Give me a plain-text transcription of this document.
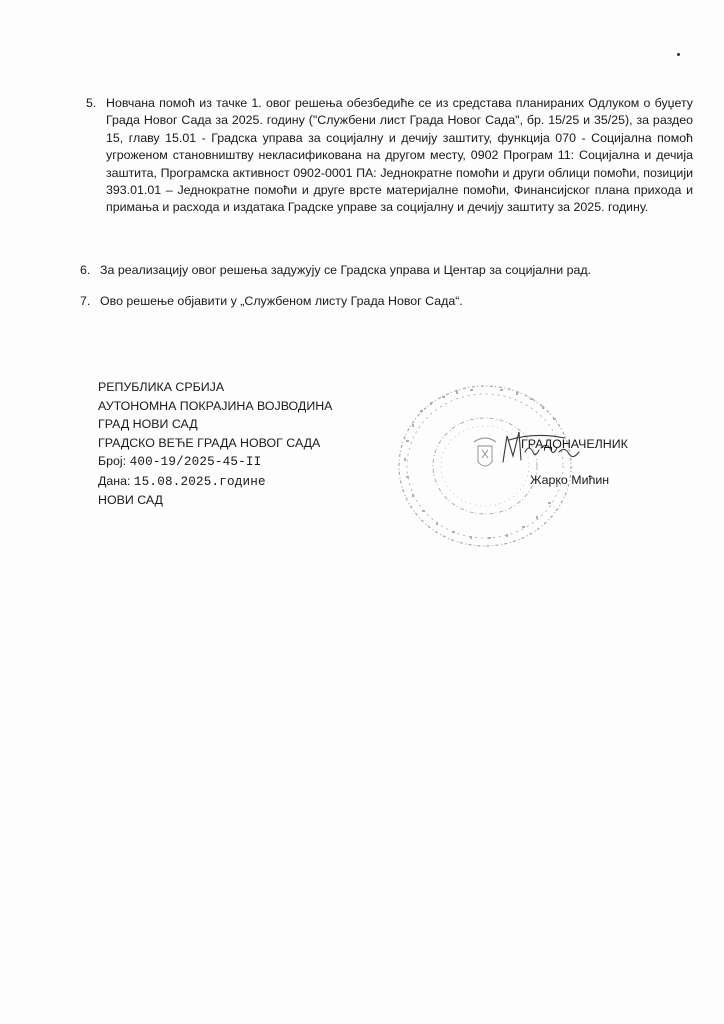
5. Новчана помоћ из тачке 1. овог решења обезбедиће се из средстава планираних Одлуком о буџету Града Новог Сада за 2025. годину ("Службени лист Града Новог Сада", бр. 15/25 и 35/25), за раздео 15, главу 15.01 - Градска управа за социјалну и дечију заштиту, функција 070 - Социјална помоћ угроженом становништву некласификована на другом месту, 0902 Програм 11: Социјална и дечија заштита, Програмска активност 0902-0001 ПА: Једнократне помоћи и други облици помоћи, позицији 393.01.01 – Једнократне помоћи и друге врсте материјалне помоћи, Финансијског плана прихода и примања и расхода и издатака Градске управе за социјалну и дечију заштиту за 2025. годину.
6. За реализацију овог решења задужују се Градска управа и Центар за социјални рад.
7. Ово решење објавити у „Службеном листу Града Новог Сада“.
РЕПУБЛИКА СРБИЈА
АУТОНОМНА ПОКРАЈИНА ВОЈВОДИНА
ГРАД НОВИ САД
ГРАДСКО ВЕЋЕ ГРАДА НОВОГ САДА
Број: 400-19/2025-45-II
Дана: 15.08.2025.године
НОВИ САД
ГРАДОНАЧЕЛНИК
Жарко Мићин
